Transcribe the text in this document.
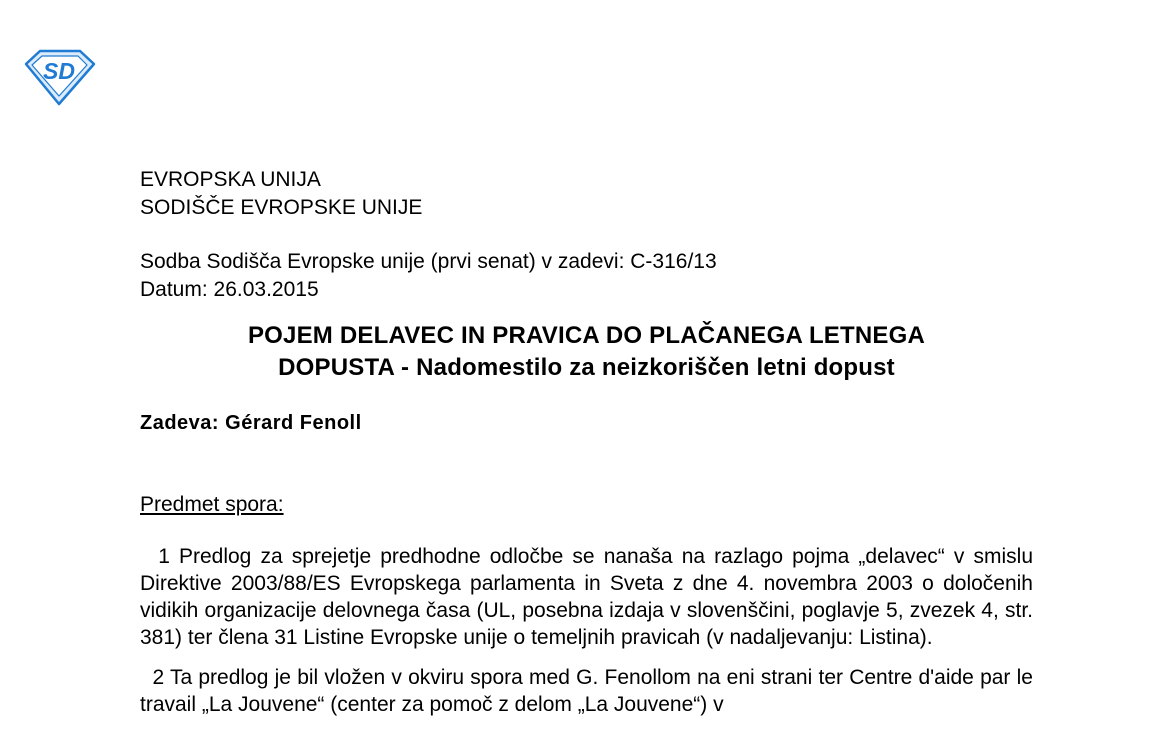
SD
EVROPSKA UNIJA
SODIŠČE EVROPSKE UNIJE
Sodba Sodišča Evropske unije (prvi senat) v zadevi: C-316/13
Datum: 26.03.2015
POJEM DELAVEC IN PRAVICA DO PLAČANEGA LETNEGA
DOPUSTA - Nadomestilo za neizkoriščen letni dopust
Zadeva: Gérard Fenoll
Predmet spora:

1 Predlog za sprejetje predhodne odločbe se nanaša na razlago pojma „delavec“ v smislu Direktive 2003/88/ES Evropskega parlamenta in Sveta z dne 4. novembra 2003 o določenih vidikih organizacije delovnega časa (UL, posebna izdaja v slovenščini, poglavje 5, zvezek 4, str. 381) ter člena 31 Listine Evropske unije o temeljnih pravicah (v nadaljevanju: Listina).

2 Ta predlog je bil vložen v okviru spora med G. Fenollom na eni strani ter Centre d'aide par le travail „La Jouvene“ (center za pomoč z delom „La Jouvene“) v
